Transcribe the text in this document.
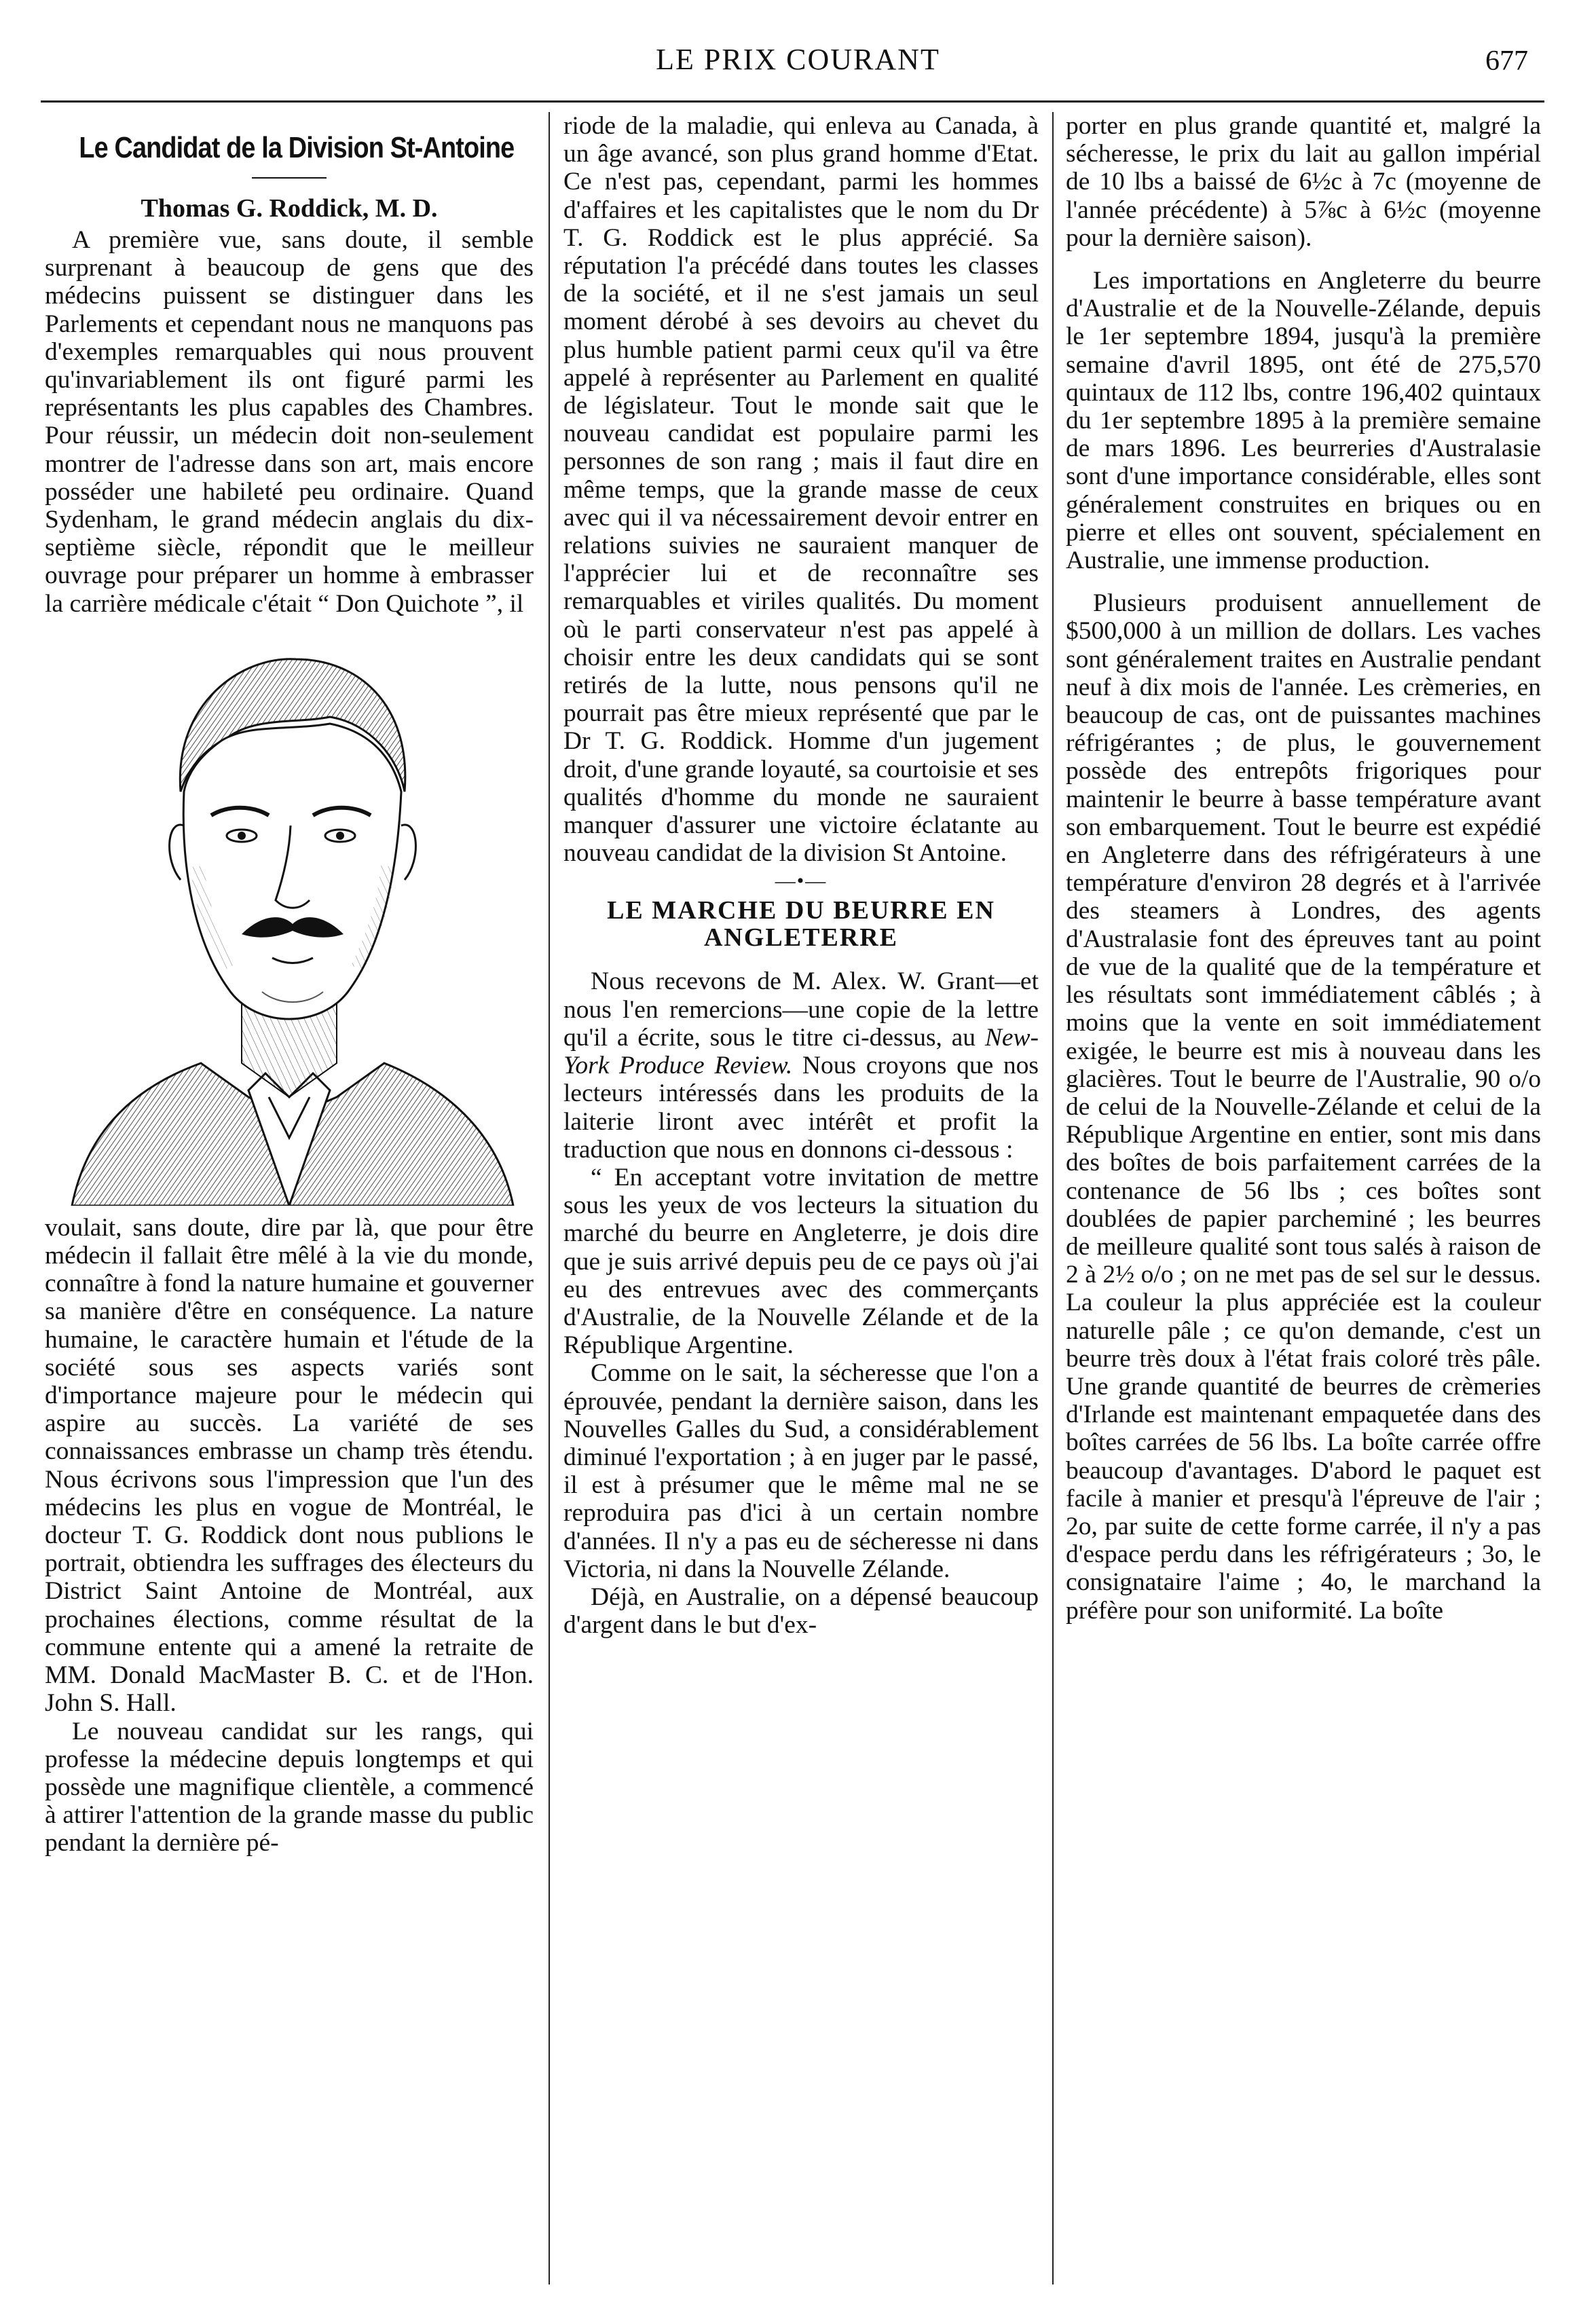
LE PRIX COURANT	677
Le Candidat de la Division St-Antoine
Thomas G. Roddick, M. D.

A première vue, sans doute, il semble surprenant à beaucoup de gens que des médecins puissent se distinguer dans les Parlements et cependant nous ne manquons pas d'exemples remarquables qui nous prouvent qu'invariablement ils ont figuré parmi les représentants les plus capables des Chambres. Pour réussir, un médecin doit non-seulement montrer de l'adresse dans son art, mais encore posséder une habileté peu ordinaire. Quand Sydenham, le grand médecin anglais du dix-septième siècle, répondit que le meilleur ouvrage pour préparer un homme à embrasser la carrière médicale c'était “ Don Quichote ”, il

voulait, sans doute, dire par là, que pour être médecin il fallait être mêlé à la vie du monde, connaître à fond la nature humaine et gouverner sa manière d'être en conséquence. La nature humaine, le caractère humain et l'étude de la société sous ses aspects variés sont d'importance majeure pour le médecin qui aspire au succès. La variété de ses connaissances embrasse un champ très étendu. Nous écrivons sous l'impression que l'un des médecins les plus en vogue de Montréal, le docteur T. G. Roddick dont nous publions le portrait, obtiendra les suffrages des électeurs du District Saint Antoine de Montréal, aux prochaines élections, comme résultat de la commune entente qui a amené la retraite de MM. Donald MacMaster B. C. et de l'Hon. John S. Hall.

Le nouveau candidat sur les rangs, qui professe la médecine depuis longtemps et qui possède une magnifique clientèle, a commencé à attirer l'attention de la grande masse du public pendant la dernière pé-

riode de la maladie, qui enleva au Canada, à un âge avancé, son plus grand homme d'Etat. Ce n'est pas, cependant, parmi les hommes d'affaires et les capitalistes que le nom du Dr T. G. Roddick est le plus apprécié. Sa réputation l'a précédé dans toutes les classes de la société, et il ne s'est jamais un seul moment dérobé à ses devoirs au chevet du plus humble patient parmi ceux qu'il va être appelé à représenter au Parlement en qualité de législateur. Tout le monde sait que le nouveau candidat est populaire parmi les personnes de son rang ; mais il faut dire en même temps, que la grande masse de ceux avec qui il va nécessairement devoir entrer en relations suivies ne sauraient manquer de l'apprécier lui et de reconnaître ses remarquables et viriles qualités. Du moment où le parti conservateur n'est pas appelé à choisir entre les deux candidats qui se sont retirés de la lutte, nous pensons qu'il ne pourrait pas être mieux représenté que par le Dr T. G. Roddick. Homme d'un jugement droit, d'une grande loyauté, sa courtoisie et ses qualités d'homme du monde ne sauraient manquer d'assurer une victoire éclatante au nouveau candidat de la division St Antoine.

—•—
LE MARCHE DU BEURRE EN ANGLETERRE

Nous recevons de M. Alex. W. Grant—et nous l'en remercions—une copie de la lettre qu'il a écrite, sous le titre ci-dessus, au New-York Produce Review. Nous croyons que nos lecteurs intéressés dans les produits de la laiterie liront avec intérêt et profit la traduction que nous en donnons ci-dessous :

“ En acceptant votre invitation de mettre sous les yeux de vos lecteurs la situation du marché du beurre en Angleterre, je dois dire que je suis arrivé depuis peu de ce pays où j'ai eu des entrevues avec des commerçants d'Australie, de la Nouvelle Zélande et de la République Argentine.

Comme on le sait, la sécheresse que l'on a éprouvée, pendant la dernière saison, dans les Nouvelles Galles du Sud, a considérablement diminué l'exportation ; à en juger par le passé, il est à présumer que le même mal ne se reproduira pas d'ici à un certain nombre d'années. Il n'y a pas eu de sécheresse ni dans Victoria, ni dans la Nouvelle Zélande.

Déjà, en Australie, on a dépensé beaucoup d'argent dans le but d'ex-

porter en plus grande quantité et, malgré la sécheresse, le prix du lait au gallon impérial de 10 lbs a baissé de 6½c à 7c (moyenne de l'année précédente) à 5⅞c à 6½c (moyenne pour la dernière saison).

Les importations en Angleterre du beurre d'Australie et de la Nouvelle-Zélande, depuis le 1er septembre 1894, jusqu'à la première semaine d'avril 1895, ont été de 275,570 quintaux de 112 lbs, contre 196,402 quintaux du 1er septembre 1895 à la première semaine de mars 1896. Les beurreries d'Australasie sont d'une importance considérable, elles sont généralement construites en briques ou en pierre et elles ont souvent, spécialement en Australie, une immense production.

Plusieurs produisent annuellement de $500,000 à un million de dollars. Les vaches sont généralement traites en Australie pendant neuf à dix mois de l'année. Les crèmeries, en beaucoup de cas, ont de puissantes machines réfrigérantes ; de plus, le gouvernement possède des entrepôts frigoriques pour maintenir le beurre à basse température avant son embarquement. Tout le beurre est expédié en Angleterre dans des réfrigérateurs à une température d'environ 28 degrés et à l'arrivée des steamers à Londres, des agents d'Australasie font des épreuves tant au point de vue de la qualité que de la température et les résultats sont immédiatement câblés ; à moins que la vente en soit immédiatement exigée, le beurre est mis à nouveau dans les glacières. Tout le beurre de l'Australie, 90 o/o de celui de la Nouvelle-Zélande et celui de la République Argentine en entier, sont mis dans des boîtes de bois parfaitement carrées de la contenance de 56 lbs ; ces boîtes sont doublées de papier parcheminé ; les beurres de meilleure qualité sont tous salés à raison de 2 à 2½ o/o ; on ne met pas de sel sur le dessus. La couleur la plus appréciée est la couleur naturelle pâle ; ce qu'on demande, c'est un beurre très doux à l'état frais coloré très pâle. Une grande quantité de beurres de crèmeries d'Irlande est maintenant empaquetée dans des boîtes carrées de 56 lbs. La boîte carrée offre beaucoup d'avantages. D'abord le paquet est facile à manier et presqu'à l'épreuve de l'air ; 2o, par suite de cette forme carrée, il n'y a pas d'espace perdu dans les réfrigérateurs ; 3o, le consignataire l'aime ; 4o, le marchand la préfère pour son uniformité. La boîte
